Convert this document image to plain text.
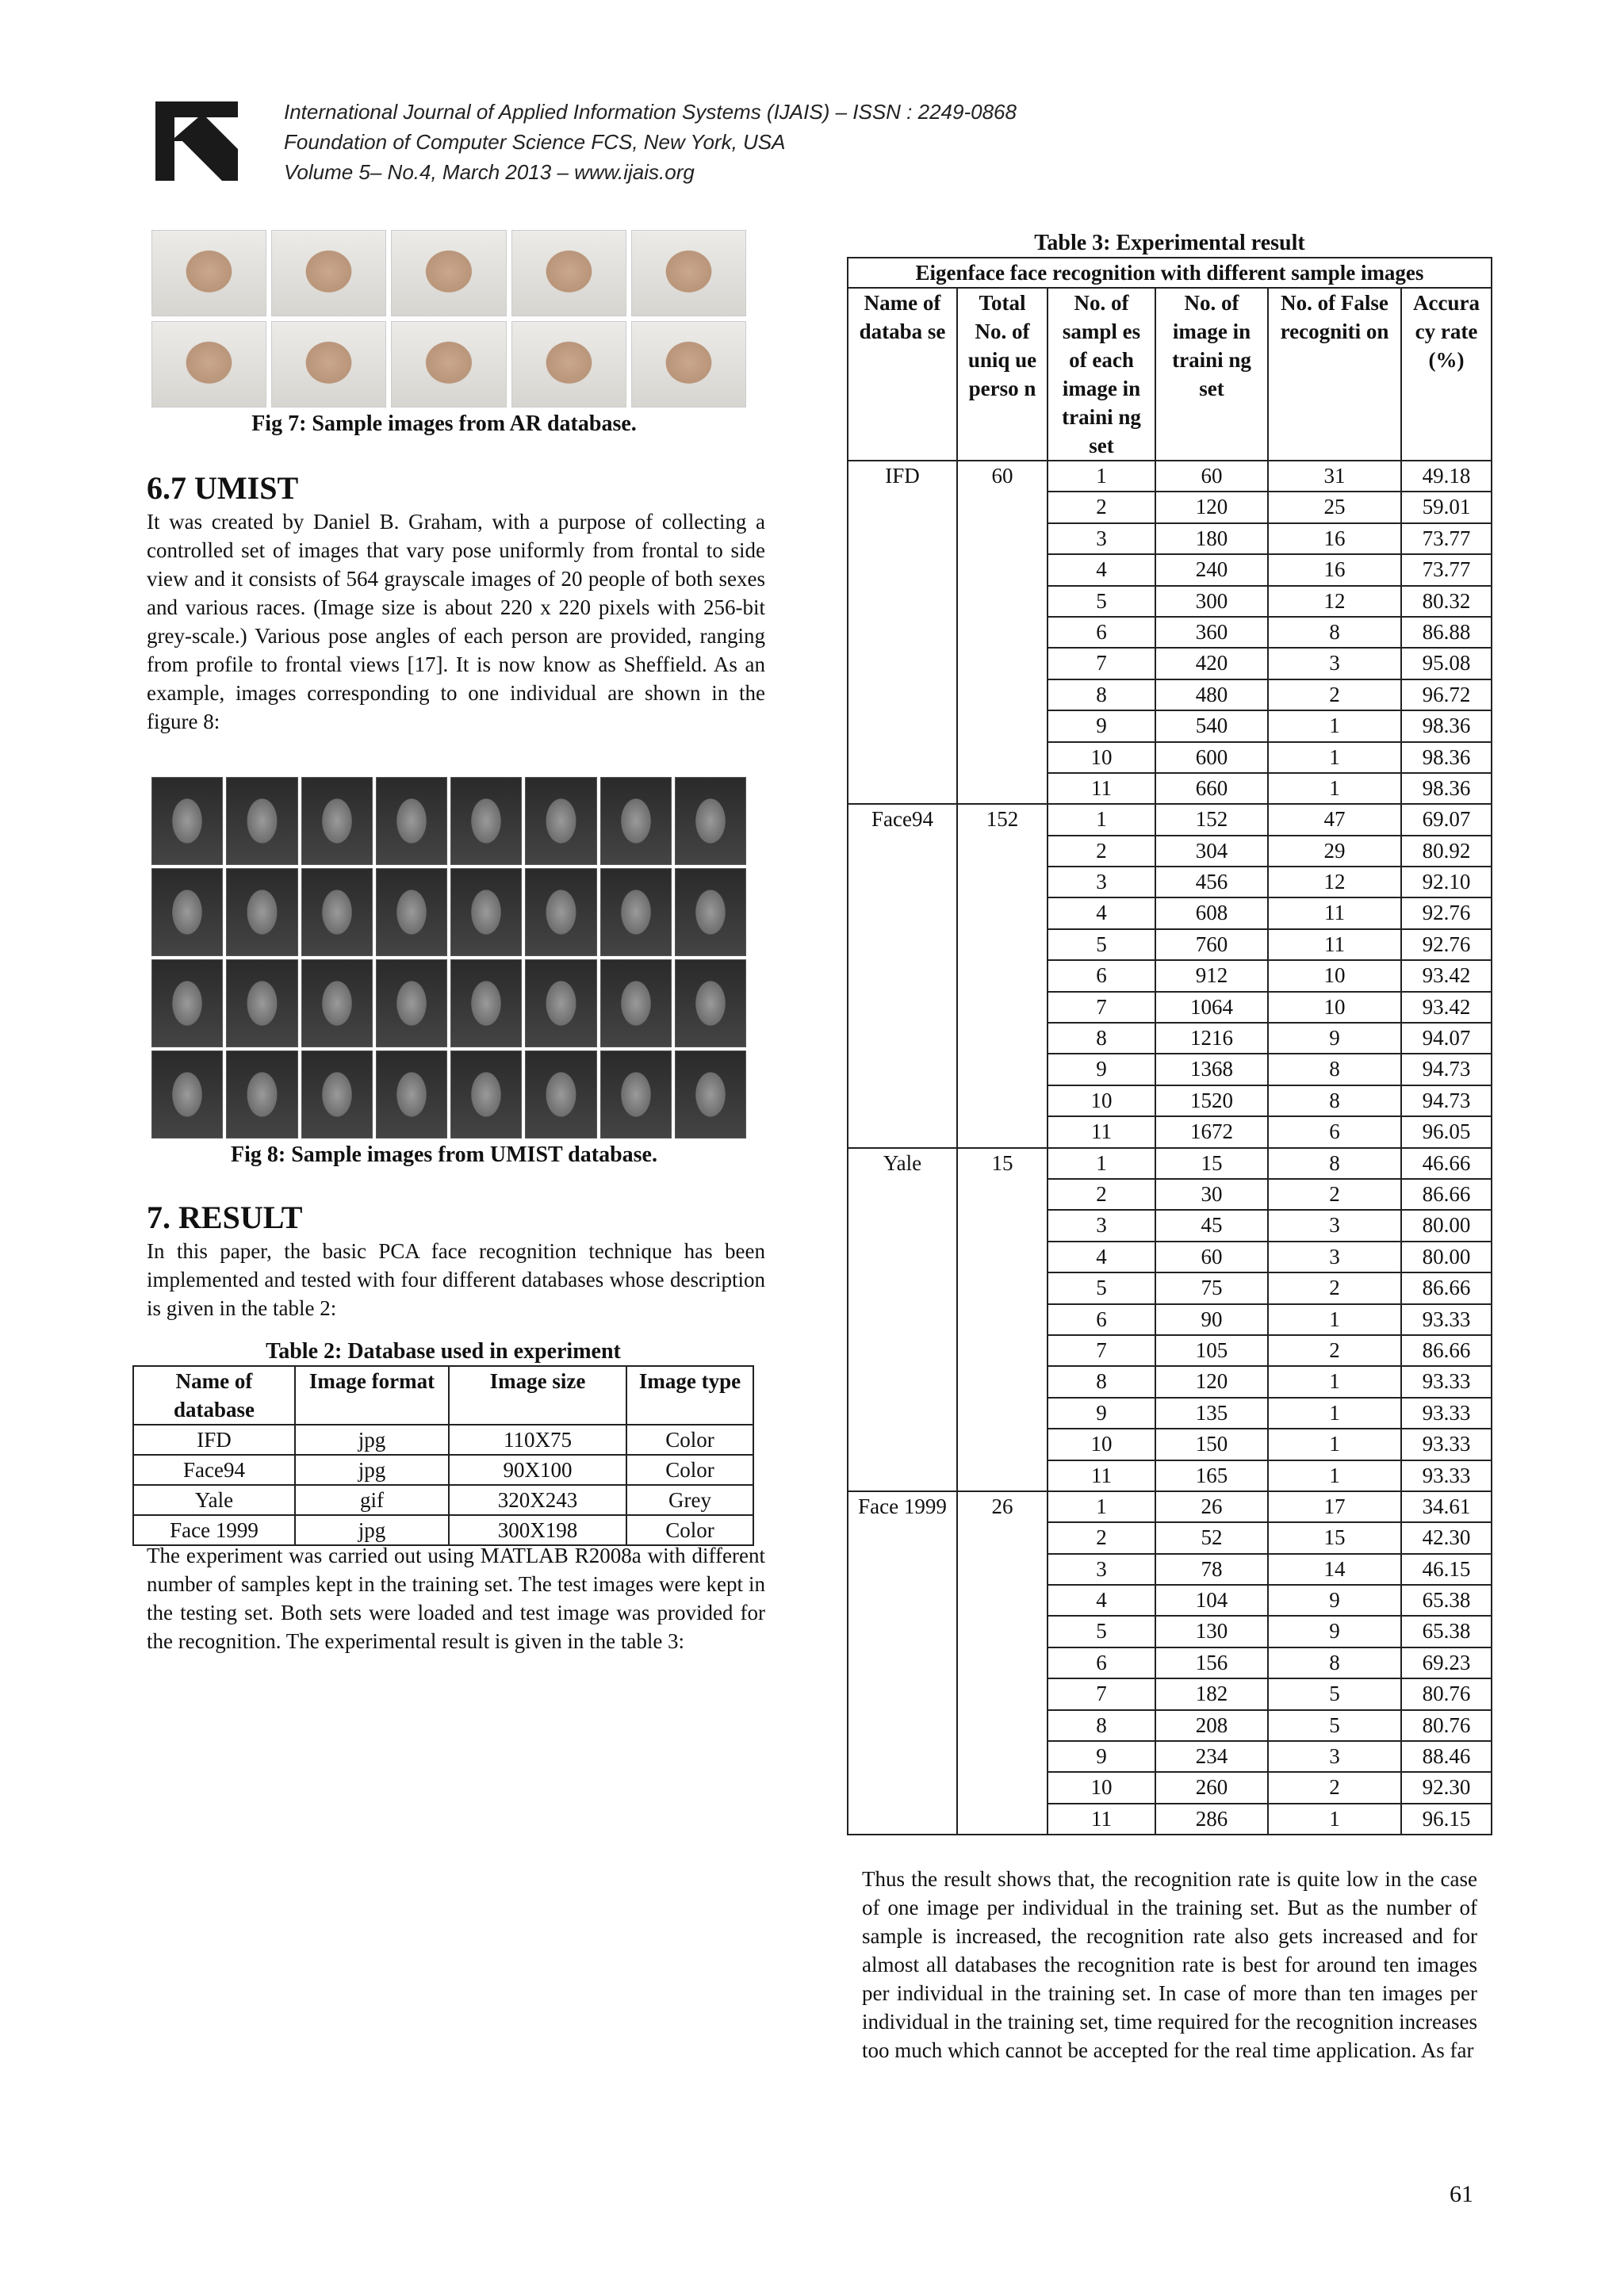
International Journal of Applied Information Systems (IJAIS) – ISSN : 2249-0868
Foundation of Computer Science FCS, New York, USA
Volume 5– No.4, March 2013 – www.ijais.org
Fig 7: Sample images from AR database.
6.7 UMIST

It was created by Daniel B. Graham, with a purpose of collecting a controlled set of images that vary pose uniformly from frontal to side view and it consists of 564 grayscale images of 20 people of both sexes and various races. (Image size is about 220 x 220 pixels with 256-bit grey-scale.) Various pose angles of each person are provided, ranging from profile to frontal views [17]. It is now know as Sheffield. As an example, images corresponding to one individual are shown in the figure 8:

Fig 8: Sample images from UMIST database.
7. RESULT

In this paper, the basic PCA face recognition technique has been implemented and tested with four different databases whose description is given in the table 2:

Table 2: Database used in experiment
Name of database	Image format	Image size	Image type
IFD	jpg	110X75	Color
Face94	jpg	90X100	Color
Yale	gif	320X243	Grey
Face 1999	jpg	300X198	Color

The experiment was carried out using MATLAB R2008a with different number of samples kept in the training set. The test images were kept in the testing set. Both sets were loaded and test image was provided for the recognition. The experimental result is given in the table 3:

Table 3: Experimental result
Eigenface face recognition with different sample images					
Name of databa se	Total No. of uniq ue perso n	No. of sampl es of each image in traini ng set	No. of image in traini ng set	No. of False recogniti on	Accura cy rate (%)
IFD	60	1	60	31	49.18
		2	120	25	59.01
		3	180	16	73.77
		4	240	16	73.77
		5	300	12	80.32
		6	360	8	86.88
		7	420	3	95.08
		8	480	2	96.72
		9	540	1	98.36
		10	600	1	98.36
		11	660	1	98.36
Face94	152	1	152	47	69.07
		2	304	29	80.92
		3	456	12	92.10
		4	608	11	92.76
		5	760	11	92.76
		6	912	10	93.42
		7	1064	10	93.42
		8	1216	9	94.07
		9	1368	8	94.73
		10	1520	8	94.73
		11	1672	6	96.05
Yale	15	1	15	8	46.66
		2	30	2	86.66
		3	45	3	80.00
		4	60	3	80.00
		5	75	2	86.66
		6	90	1	93.33
		7	105	2	86.66
		8	120	1	93.33
		9	135	1	93.33
		10	150	1	93.33
		11	165	1	93.33
Face 1999	26	1	26	17	34.61
		2	52	15	42.30
		3	78	14	46.15
		4	104	9	65.38
		5	130	9	65.38
		6	156	8	69.23
		7	182	5	80.76
		8	208	5	80.76
		9	234	3	88.46
		10	260	2	92.30
		11	286	1	96.15

Thus the result shows that, the recognition rate is quite low in the case of one image per individual in the training set. But as the number of sample is increased, the recognition rate also gets increased and for almost all databases the recognition rate is best for around ten images per individual in the training set. In case of more than ten images per individual in the training set, time required for the recognition increases too much which cannot be accepted for the real time application. As far

61
